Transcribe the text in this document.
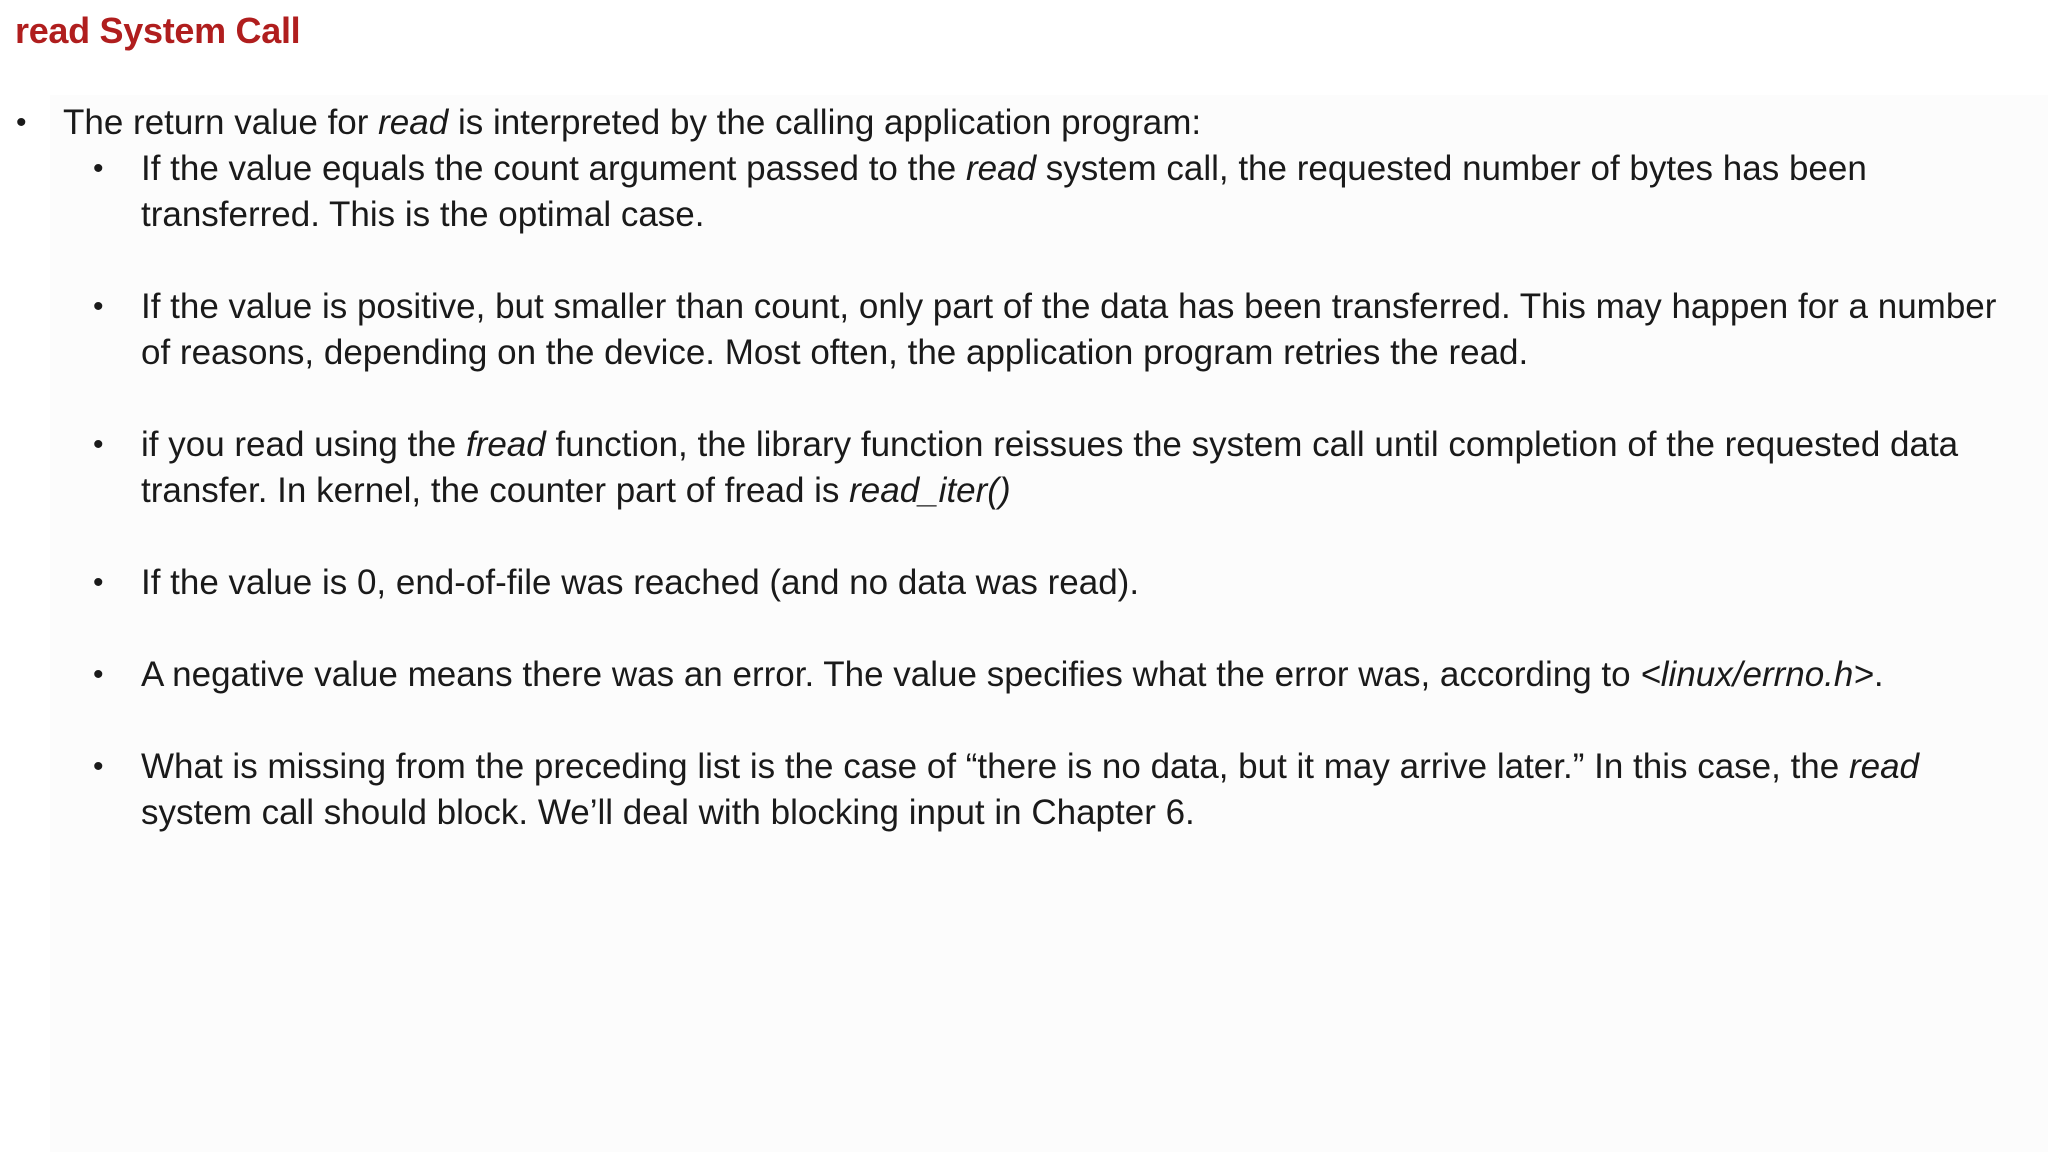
read System Call
• The return value for read is interpreted by the calling application program:
• If the value equals the count argument passed to the read system call, the requested number of bytes has been transferred. This is the optimal case.
• If the value is positive, but smaller than count, only part of the data has been transferred. This may happen for a number of reasons, depending on the device. Most often, the application program retries the read.
• if you read using the fread function, the library function reissues the system call until completion of the requested data transfer. In kernel, the counter part of fread is read_iter()
• If the value is 0, end-of-file was reached (and no data was read).
• A negative value means there was an error. The value specifies what the error was, according to <linux/errno.h>.
• What is missing from the preceding list is the case of “there is no data, but it may arrive later.” In this case, the read system call should block. We’ll deal with blocking input in Chapter 6.
